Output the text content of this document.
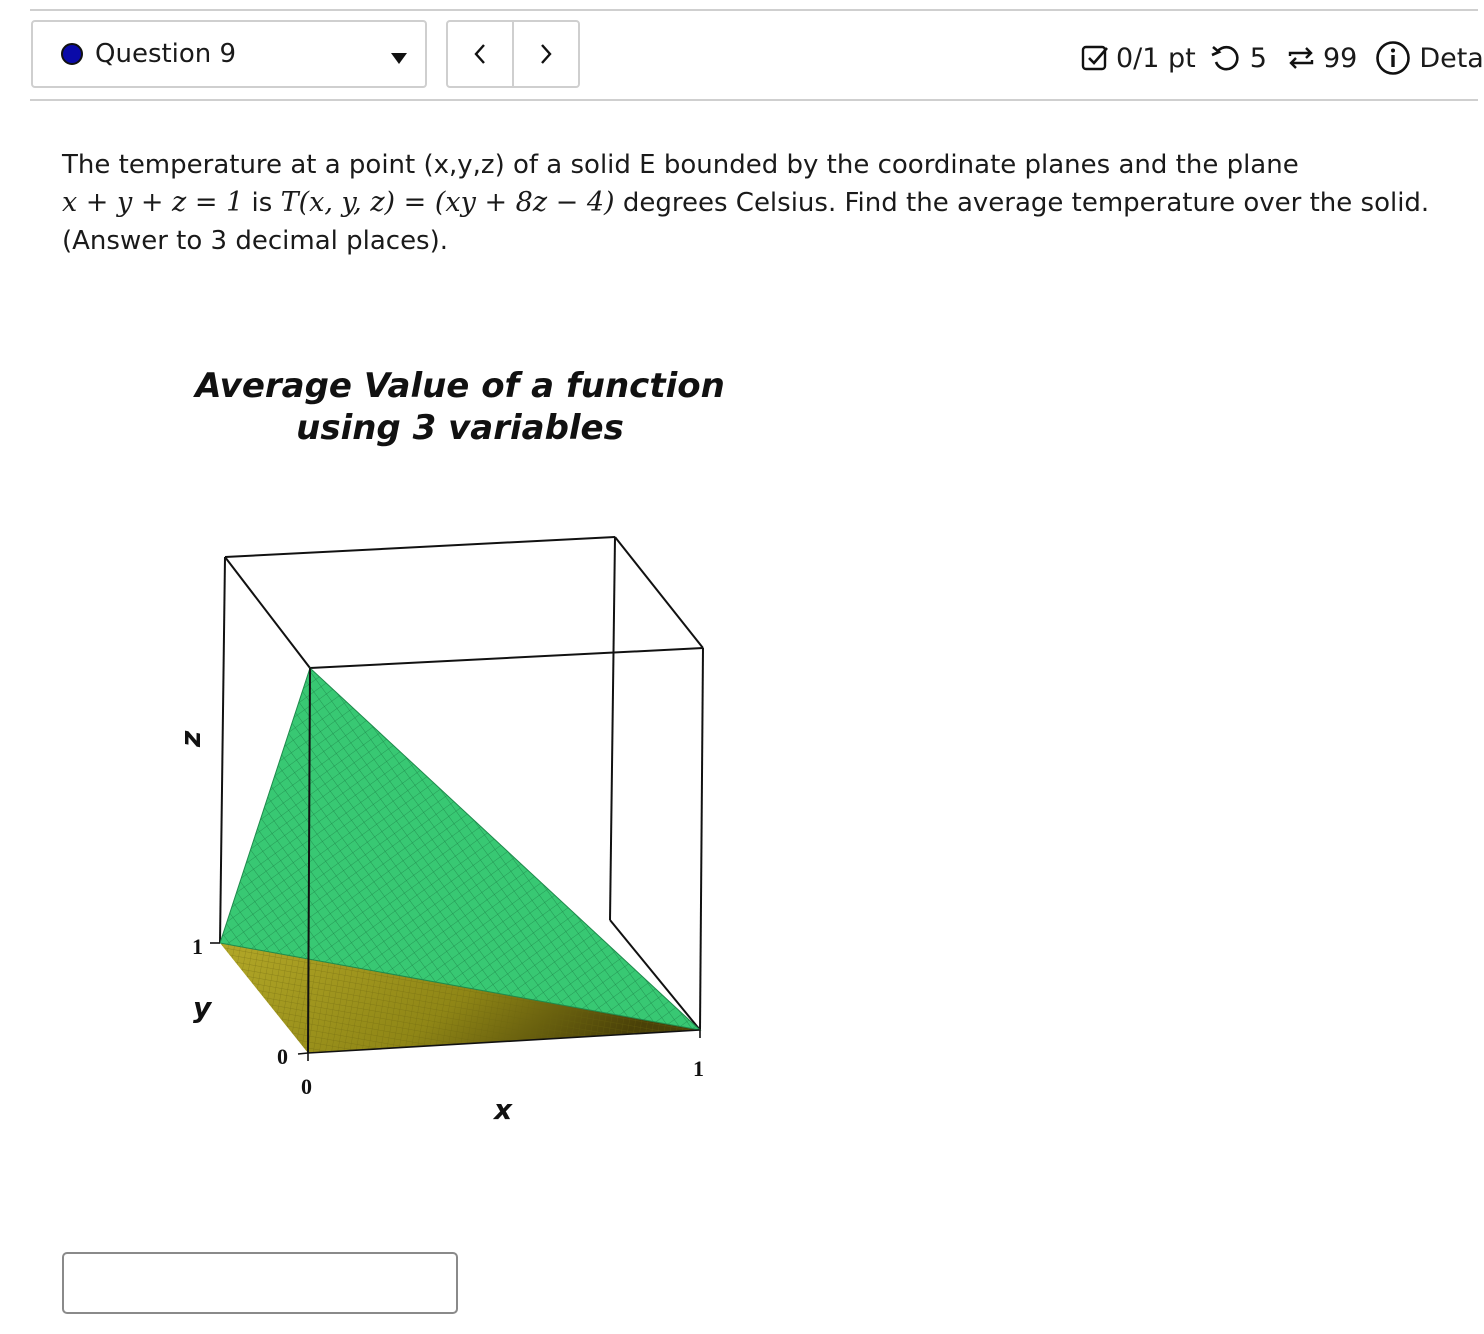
Question 9	0/1 pt 5 99 Deta
The temperature at a point (x,y,z) of a solid E bounded by the coordinate planes and the plane
x + y + z = 1 is T(x, y, z) = (xy + 8z − 4) degrees Celsius. Find the average temperature over the solid.
(Answer to 3 decimal places).
Average Value of a function
using 3 variables
1
0
0
1
z
y
x
